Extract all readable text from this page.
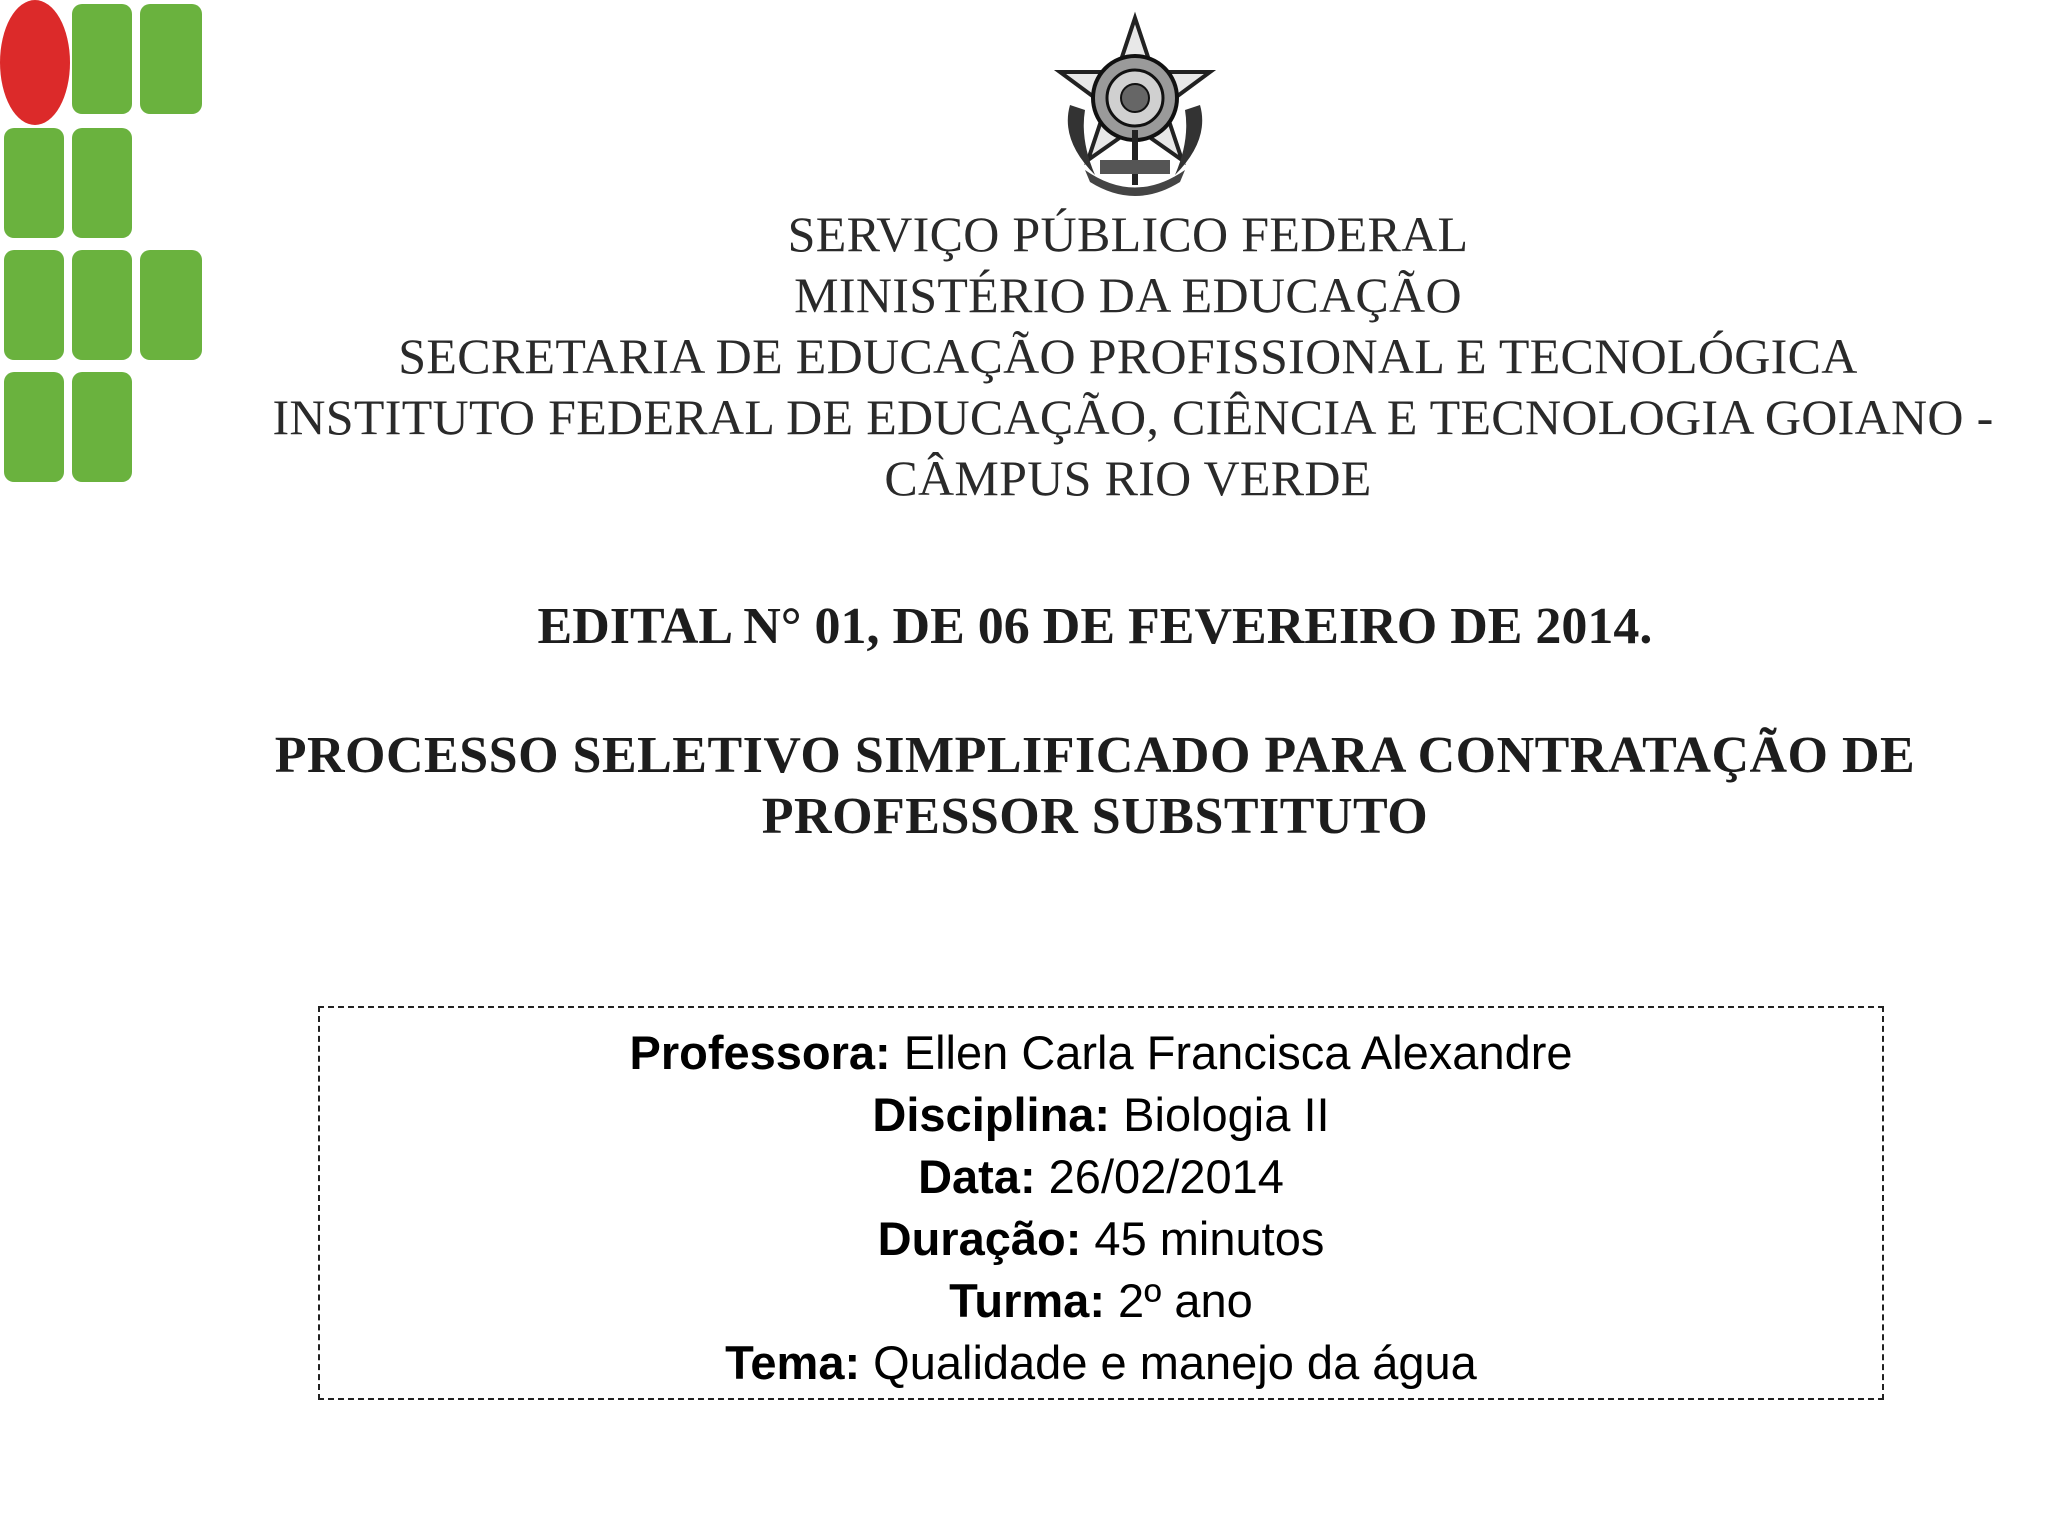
SERVIÇO PÚBLICO FEDERAL
MINISTÉRIO DA EDUCAÇÃO
SECRETARIA DE EDUCAÇÃO PROFISSIONAL E TECNOLÓGICA
INSTITUTO FEDERAL DE EDUCAÇÃO, CIÊNCIA E TECNOLOGIA GOIANO -
CÂMPUS RIO VERDE
EDITAL N° 01, DE 06 DE FEVEREIRO DE 2014.
PROCESSO SELETIVO SIMPLIFICADO PARA CONTRATAÇÃO DE
PROFESSOR SUBSTITUTO
Professora: Ellen Carla Francisca Alexandre
Disciplina: Biologia II
Data: 26/02/2014
Duração: 45 minutos
Turma: 2º ano
Tema: Qualidade e manejo da água
